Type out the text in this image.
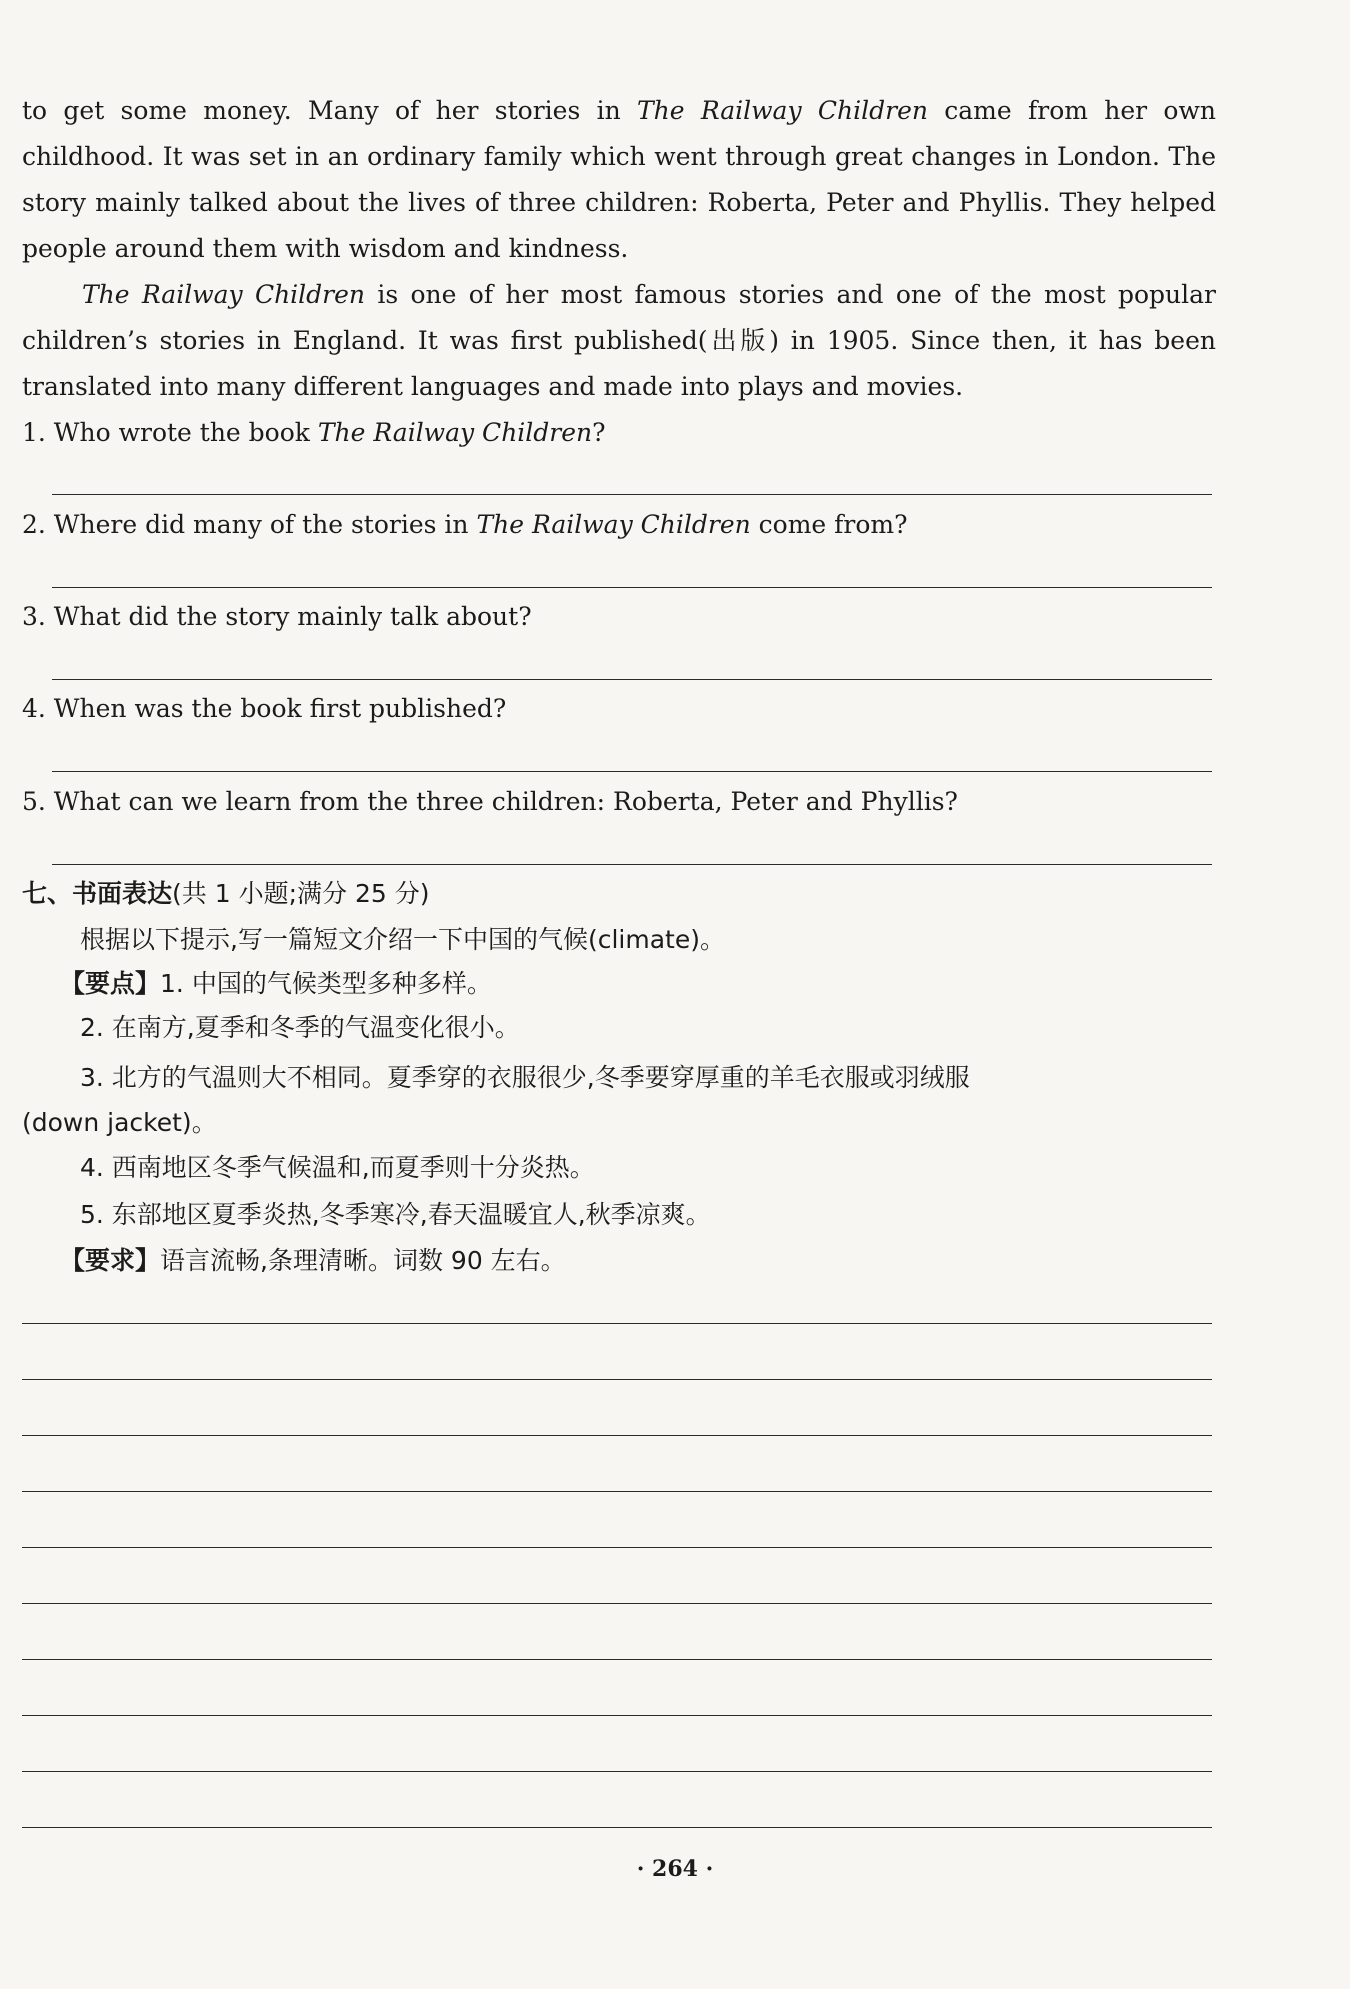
to get some money. Many of her stories in The Railway Children came from her own childhood. It was set in an ordinary family which went through great changes in London. The story mainly talked about the lives of three children: Roberta, Peter and Phyllis. They helped people around them with wisdom and kindness.

The Railway Children is one of her most famous stories and one of the most popular children’s stories in England. It was first published(出版) in 1905. Since then, it has been translated into many different languages and made into plays and movies.

1. Who wrote the book The Railway Children?
2. Where did many of the stories in The Railway Children come from?
3. What did the story mainly talk about?
4. When was the book first published?
5. What can we learn from the three children: Roberta, Peter and Phyllis?
七、书面表达(共 1 小题;满分 25 分)
根据以下提示,写一篇短文介绍一下中国的气候(climate)。
【要点】1. 中国的气候类型多种多样。
2. 在南方,夏季和冬季的气温变化很小。
3. 北方的气温则大不相同。夏季穿的衣服很少,冬季要穿厚重的羊毛衣服或羽绒服
(down jacket)。
4. 西南地区冬季气候温和,而夏季则十分炎热。
5. 东部地区夏季炎热,冬季寒冷,春天温暖宜人,秋季凉爽。
【要求】语言流畅,条理清晰。词数 90 左右。
· 264 ·
